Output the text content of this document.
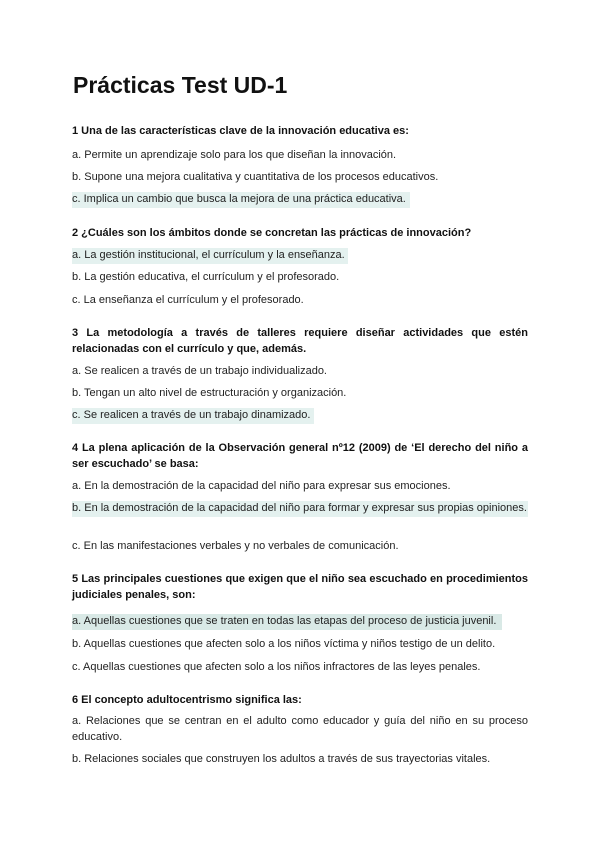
Prácticas Test UD-1

1 Una de las características clave de la innovación educativa es:

a. Permite un aprendizaje solo para los que diseñan la innovación.

b. Supone una mejora cualitativa y cuantitativa de los procesos educativos.

c. Implica un cambio que busca la mejora de una práctica educativa.

2 ¿Cuáles son los ámbitos donde se concretan las prácticas de innovación?

a. La gestión institucional, el currículum y la enseñanza.

b. La gestión educativa, el currículum y el profesorado.

c. La enseñanza el currículum y el profesorado.

3 La metodología a través de talleres requiere diseñar actividades que estén relacionadas con el currículo y que, además.

a. Se realicen a través de un trabajo individualizado.

b. Tengan un alto nivel de estructuración y organización.

c. Se realicen a través de un trabajo dinamizado.

4 La plena aplicación de la Observación general nº12 (2009) de ‘El derecho del niño a ser escuchado’ se basa:

a. En la demostración de la capacidad del niño para expresar sus emociones.

b. En la demostración de la capacidad del niño para formar y expresar sus propias opiniones.

c. En las manifestaciones verbales y no verbales de comunicación.

5 Las principales cuestiones que exigen que el niño sea escuchado en procedimientos judiciales penales, son:

a. Aquellas cuestiones que se traten en todas las etapas del proceso de justicia juvenil.

b. Aquellas cuestiones que afecten solo a los niños víctima y niños testigo de un delito.

c. Aquellas cuestiones que afecten solo a los niños infractores de las leyes penales.

6 El concepto adultocentrismo significa las:

a. Relaciones que se centran en el adulto como educador y guía del niño en su proceso educativo.

b. Relaciones sociales que construyen los adultos a través de sus trayectorias vitales.
